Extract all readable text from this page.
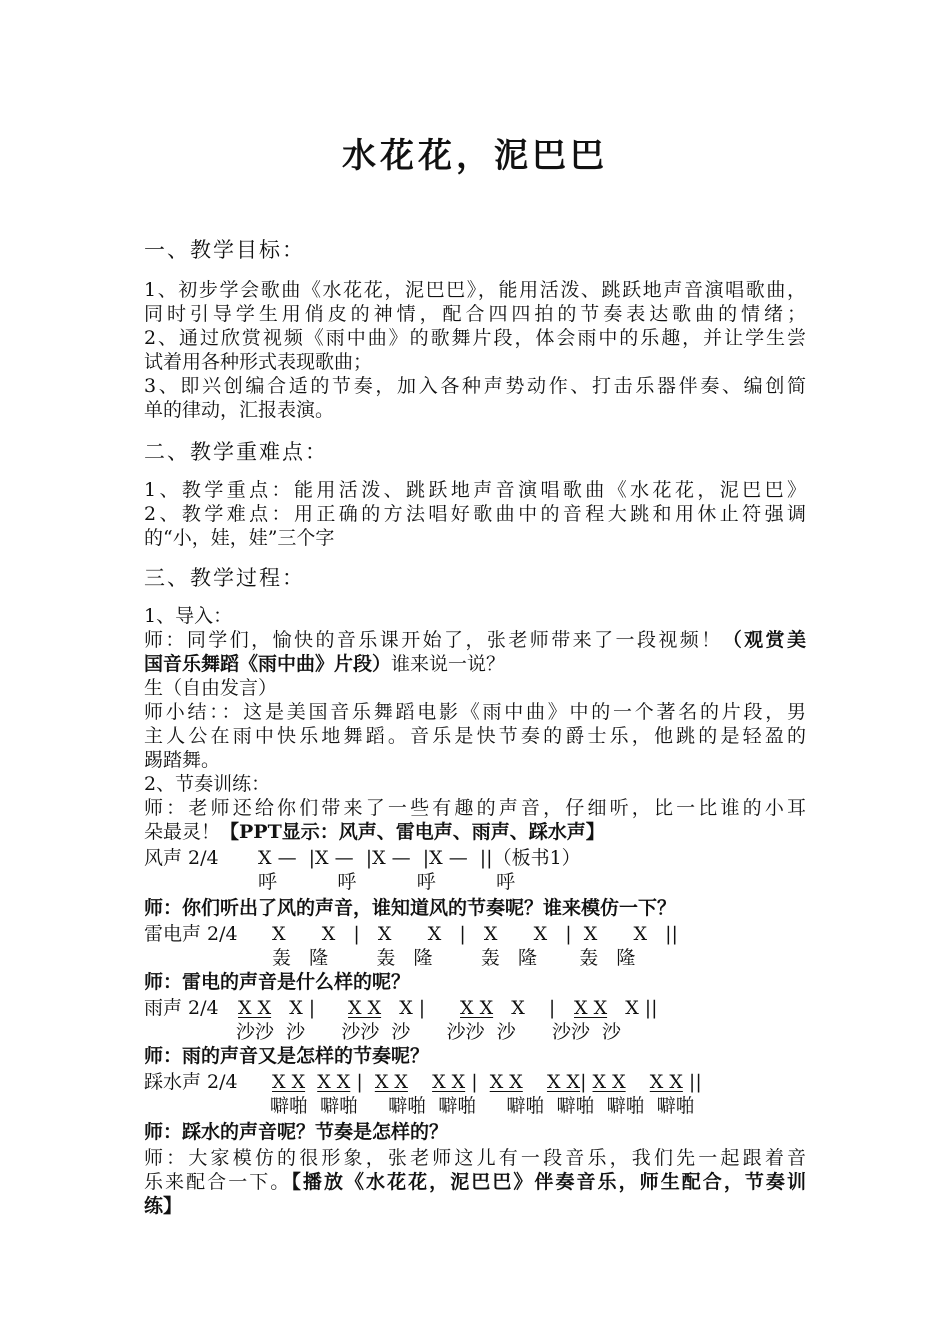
水花花，泥巴巴
一、教学目标：
1、初步学会歌曲《水花花，泥巴巴》，能用活泼、跳跃地声音演唱歌曲，
同时引导学生用俏皮的神情，配合四四拍的节奏表达歌曲的情绪；
2、通过欣赏视频《雨中曲》的歌舞片段，体会雨中的乐趣，并让学生尝
试着用各种形式表现歌曲；
3、即兴创编合适的节奏，加入各种声势动作、打击乐器伴奏、编创简
单的律动，汇报表演。
二、教学重难点：
1、教学重点：能用活泼、跳跃地声音演唱歌曲《水花花，泥巴巴》
2、教学难点：用正确的方法唱好歌曲中的音程大跳和用休止符强调
的“小，娃，娃”三个字
三、教学过程：
1、导入：
师：同学们，愉快的音乐课开始了，张老师带来了一段视频！（观赏美
国音乐舞蹈《雨中曲》片段）谁来说一说？
生（自由发言）
师小结：：这是美国音乐舞蹈电影《雨中曲》中的一个著名的片段，男
主人公在雨中快乐地舞蹈。音乐是快节奏的爵士乐，他跳的是轻盈的
踢踏舞。
2、节奏训练：
师：老师还给你们带来了一些有趣的声音，仔细听，比一比谁的小耳
朵最灵！【PPT显示：风声、雷电声、雨声、踩水声】
风声 2/4 X —  |X —  |X —  |X —  ||（板书1）
呼          呼          呼          呼
师：你们听出了风的声音，谁知道风的节奏呢？谁来模仿一下？
雷电声 2/4 X      X   |   X      X   |   X      X   |  X      X   ||
轰   隆        轰   隆        轰   隆       轰   隆
师：雷电的声音是什么样的呢？
雨声 2/4 X X   X | X X   X | X X   X    | X X   X ||
沙沙  沙      沙沙  沙      沙沙  沙      沙沙  沙
师：雨的声音又是怎样的节奏呢？
踩水声 2/4 X X X X |  X X X X |  X X X X| X X X X ||
噼啪  噼啪     噼啪  噼啪     噼啪  噼啪  噼啪  噼啪
师：踩水的声音呢？节奏是怎样的？
师：大家模仿的很形象，张老师这儿有一段音乐，我们先一起跟着音
乐来配合一下。【播放《水花花，泥巴巴》伴奏音乐，师生配合，节奏训
练】
